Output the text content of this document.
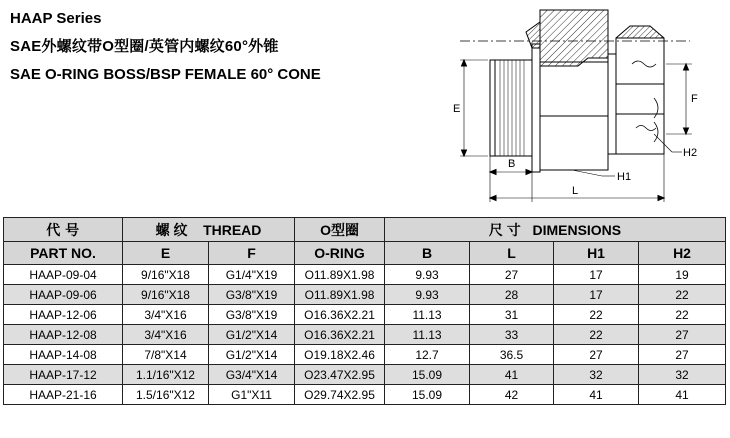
HAAP Series
SAE外螺纹带O型圈/英管内螺纹60°外锥
SAE O-RING BOSS/BSP FEMALE 60° CONE
E
F
B
L
H1
H2
代 号	螺 纹 THREAD		O型圈	尺 寸 DIMENSIONS			
PART NO.	E	F	O-RING	B	L	H1	H2
HAAP-09-04	9/16"X18	G1/4"X19	O11.89X1.98	9.93	27	17	19
HAAP-09-06	9/16"X18	G3/8"X19	O11.89X1.98	9.93	28	17	22
HAAP-12-06	3/4"X16	G3/8"X19	O16.36X2.21	11.13	31	22	22
HAAP-12-08	3/4"X16	G1/2"X14	O16.36X2.21	11.13	33	22	27
HAAP-14-08	7/8"X14	G1/2"X14	O19.18X2.46	12.7	36.5	27	27
HAAP-17-12	1.1/16"X12	G3/4"X14	O23.47X2.95	15.09	41	32	32
HAAP-21-16	1.5/16"X12	G1"X11	O29.74X2.95	15.09	42	41	41
